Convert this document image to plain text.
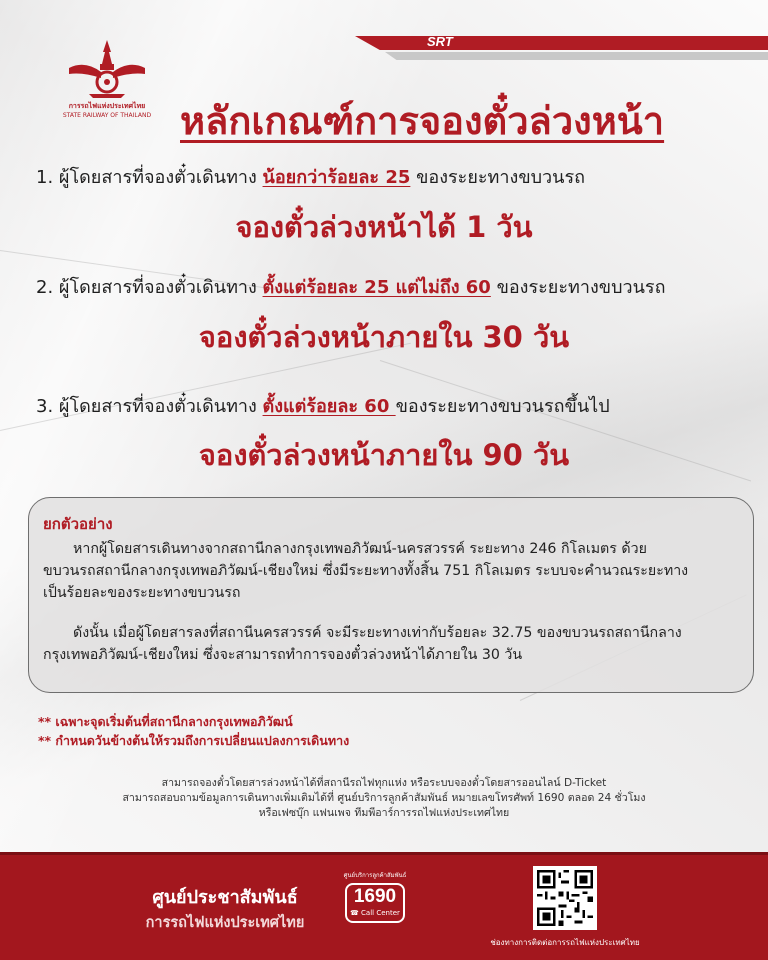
SRT
การรถไฟแห่งประเทศไทย
STATE RAILWAY OF THAILAND หลักเกณฑ์การจองตั๋วล่วงหน้า
1. ผู้โดยสารที่จองตั๋วเดินทาง น้อยกว่าร้อยละ 25 ของระยะทางขบวนรถ
จองตั๋วล่วงหน้าได้ 1 วัน
2. ผู้โดยสารที่จองตั๋วเดินทาง ตั้งแต่ร้อยละ 25 แต่ไม่ถึง 60 ของระยะทางขบวนรถ
จองตั๋วล่วงหน้าภายใน 30 วัน
3. ผู้โดยสารที่จองตั๋วเดินทาง ตั้งแต่ร้อยละ 60 ของระยะทางขบวนรถขึ้นไป
จองตั๋วล่วงหน้าภายใน 90 วัน
ยกตัวอย่าง
หากผู้โดยสารเดินทางจากสถานีกลางกรุงเทพอภิวัฒน์-นครสวรรค์ ระยะทาง 246 กิโลเมตร ด้วย
ขบวนรถสถานีกลางกรุงเทพอภิวัฒน์-เชียงใหม่ ซึ่งมีระยะทางทั้งสิ้น 751 กิโลเมตร ระบบจะคำนวณระยะทาง
เป็นร้อยละของระยะทางขบวนรถ
ดังนั้น เมื่อผู้โดยสารลงที่สถานีนครสวรรค์ จะมีระยะทางเท่ากับร้อยละ 32.75 ของขบวนรถสถานีกลาง
กรุงเทพอภิวัฒน์-เชียงใหม่ ซึ่งจะสามารถทำการจองตั๋วล่วงหน้าได้ภายใน 30 วัน
** เฉพาะจุดเริ่มต้นที่สถานีกลางกรุงเทพอภิวัฒน์
** กำหนดวันข้างต้นให้รวมถึงการเปลี่ยนแปลงการเดินทาง
สามารถจองตั๋วโดยสารล่วงหน้าได้ที่สถานีรถไฟทุกแห่ง หรือระบบจองตั๋วโดยสารออนไลน์ D-Ticket
สามารถสอบถามข้อมูลการเดินทางเพิ่มเติมได้ที่ ศูนย์บริการลูกค้าสัมพันธ์ หมายเลขโทรศัพท์ 1690 ตลอด 24 ชั่วโมง
หรือเฟซบุ๊ก แฟนเพจ ทีมพีอาร์การรถไฟแห่งประเทศไทย
ศูนย์ประชาสัมพันธ์
การรถไฟแห่งประเทศไทย
ศูนย์บริการลูกค้าสัมพันธ์
1690
☎ Call Center
ช่องทางการติดต่อการรถไฟแห่งประเทศไทย
